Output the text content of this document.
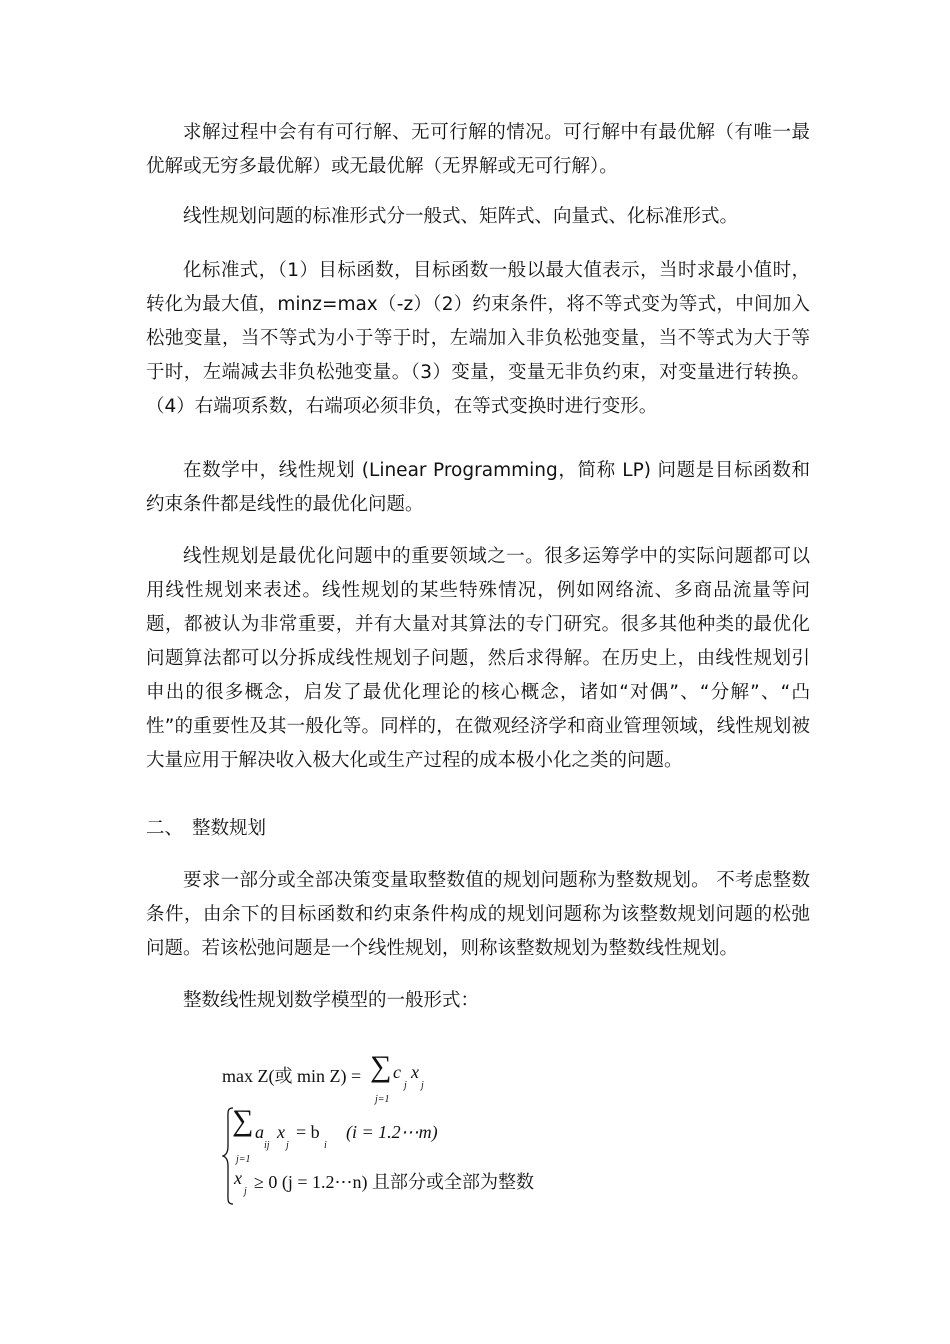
求解过程中会有有可行解、无可行解的情况。可行解中有最优解（有唯一最优解或无穷多最优解）或无最优解（无界解或无可行解）。

线性规划问题的标准形式分一般式、矩阵式、向量式、化标准形式。

化标准式，（1）目标函数，目标函数一般以最大值表示，当时求最小值时，转化为最大值，minz=max（-z）（2）约束条件，将不等式变为等式，中间加入松弛变量，当不等式为小于等于时，左端加入非负松弛变量，当不等式为大于等于时，左端减去非负松弛变量。（3）变量，变量无非负约束，对变量进行转换。（4）右端项系数，右端项必须非负，在等式变换时进行变形。

在数学中，线性规划 (Linear Programming，简称 LP) 问题是目标函数和约束条件都是线性的最优化问题。

线性规划是最优化问题中的重要领域之一。很多运筹学中的实际问题都可以用线性规划来表述。线性规划的某些特殊情况，例如网络流、多商品流量等问题，都被认为非常重要，并有大量对其算法的专门研究。很多其他种类的最优化问题算法都可以分拆成线性规划子问题，然后求得解。在历史上，由线性规划引申出的很多概念，启发了最优化理论的核心概念，诸如“对偶”、“分解”、“凸性”的重要性及其一般化等。同样的，在微观经济学和商业管理领域，线性规划被大量应用于解决收入极大化或生产过程的成本极小化之类的问题。

二、 整数规划

要求一部分或全部决策变量取整数值的规划问题称为整数规划。 不考虑整数条件，由余下的目标函数和约束条件构成的规划问题称为该整数规划问题的松弛问题。若该松弛问题是一个线性规划，则称该整数规划为整数线性规划。

整数线性规划数学模型的一般形式：

max Z(或 min Z) = ∑ c
j
x
j
j=1
∑ a
ij
x
j
= b
i
(i = 1.2⋯m)
j=1
x
j ≥ 0 (j = 1.2⋯n) 且部分或全部为整数
